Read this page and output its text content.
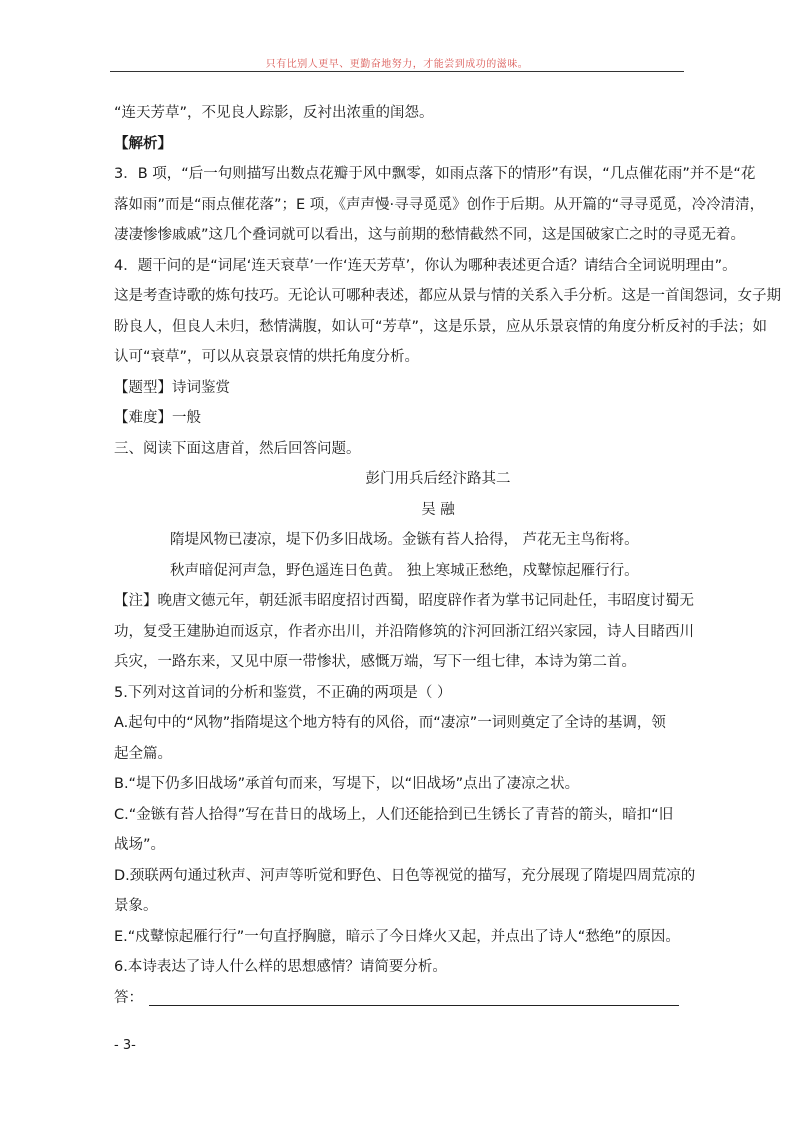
只有比别人更早、更勤奋地努力，才能尝到成功的滋味。
“连天芳草”，不见良人踪影，反衬出浓重的闺怨。
【解析】
3．B 项，“后一句则描写出数点花瓣于风中飘零，如雨点落下的情形”有误，“几点催花雨”并不是“花
落如雨”而是“雨点催花落”；E 项，《声声慢·寻寻觅觅》创作于后期。从开篇的“寻寻觅觅，冷冷清清，
凄凄惨惨戚戚”这几个叠词就可以看出，这与前期的愁情截然不同，这是国破家亡之时的寻觅无着。
4．题干问的是“词尾‘连天衰草’一作‘连天芳草’，你认为哪种表述更合适？请结合全词说明理由”。
这是考查诗歌的炼句技巧。无论认可哪种表述，都应从景与情的关系入手分析。这是一首闺怨词，女子期
盼良人，但良人未归，愁情满腹，如认可“芳草”，这是乐景，应从乐景哀情的角度分析反衬的手法；如
认可“衰草”，可以从哀景哀情的烘托角度分析。
【题型】诗词鉴赏
【难度】一般
三、阅读下面这唐首，然后回答问题。
彭门用兵后经汴路其二
吴 融
隋堤风物已凄凉，堤下仍多旧战场。金镞有苔人拾得， 芦花无主鸟衔将。
秋声暗促河声急，野色遥连日色黄。 独上寒城正愁绝，戍鼙惊起雁行行。
【注】晚唐文德元年，朝廷派韦昭度招讨西蜀，昭度辟作者为掌书记同赴任，韦昭度讨蜀无
功，复受王建胁迫而返京，作者亦出川，并沿隋修筑的汴河回浙江绍兴家园，诗人目睹西川
兵灾，一路东来，又见中原一带惨状，感慨万端，写下一组七律，本诗为第二首。
5.下列对这首词的分析和鉴赏，不正确的两项是（ ）
A.起句中的“风物”指隋堤这个地方特有的风俗，而“凄凉”一词则奠定了全诗的基调，领
起全篇。
B.“堤下仍多旧战场”承首句而来，写堤下，以“旧战场”点出了凄凉之状。
C.“金镞有苔人拾得”写在昔日的战场上，人们还能拾到已生锈长了青苔的箭头，暗扣“旧
战场”。
D.颈联两句通过秋声、河声等听觉和野色、日色等视觉的描写，充分展现了隋堤四周荒凉的
景象。
E.“戍鼙惊起雁行行”一句直抒胸臆，暗示了今日烽火又起，并点出了诗人“愁绝”的原因。
6.本诗表达了诗人什么样的思想感情？请简要分析。
答：
- 3-
